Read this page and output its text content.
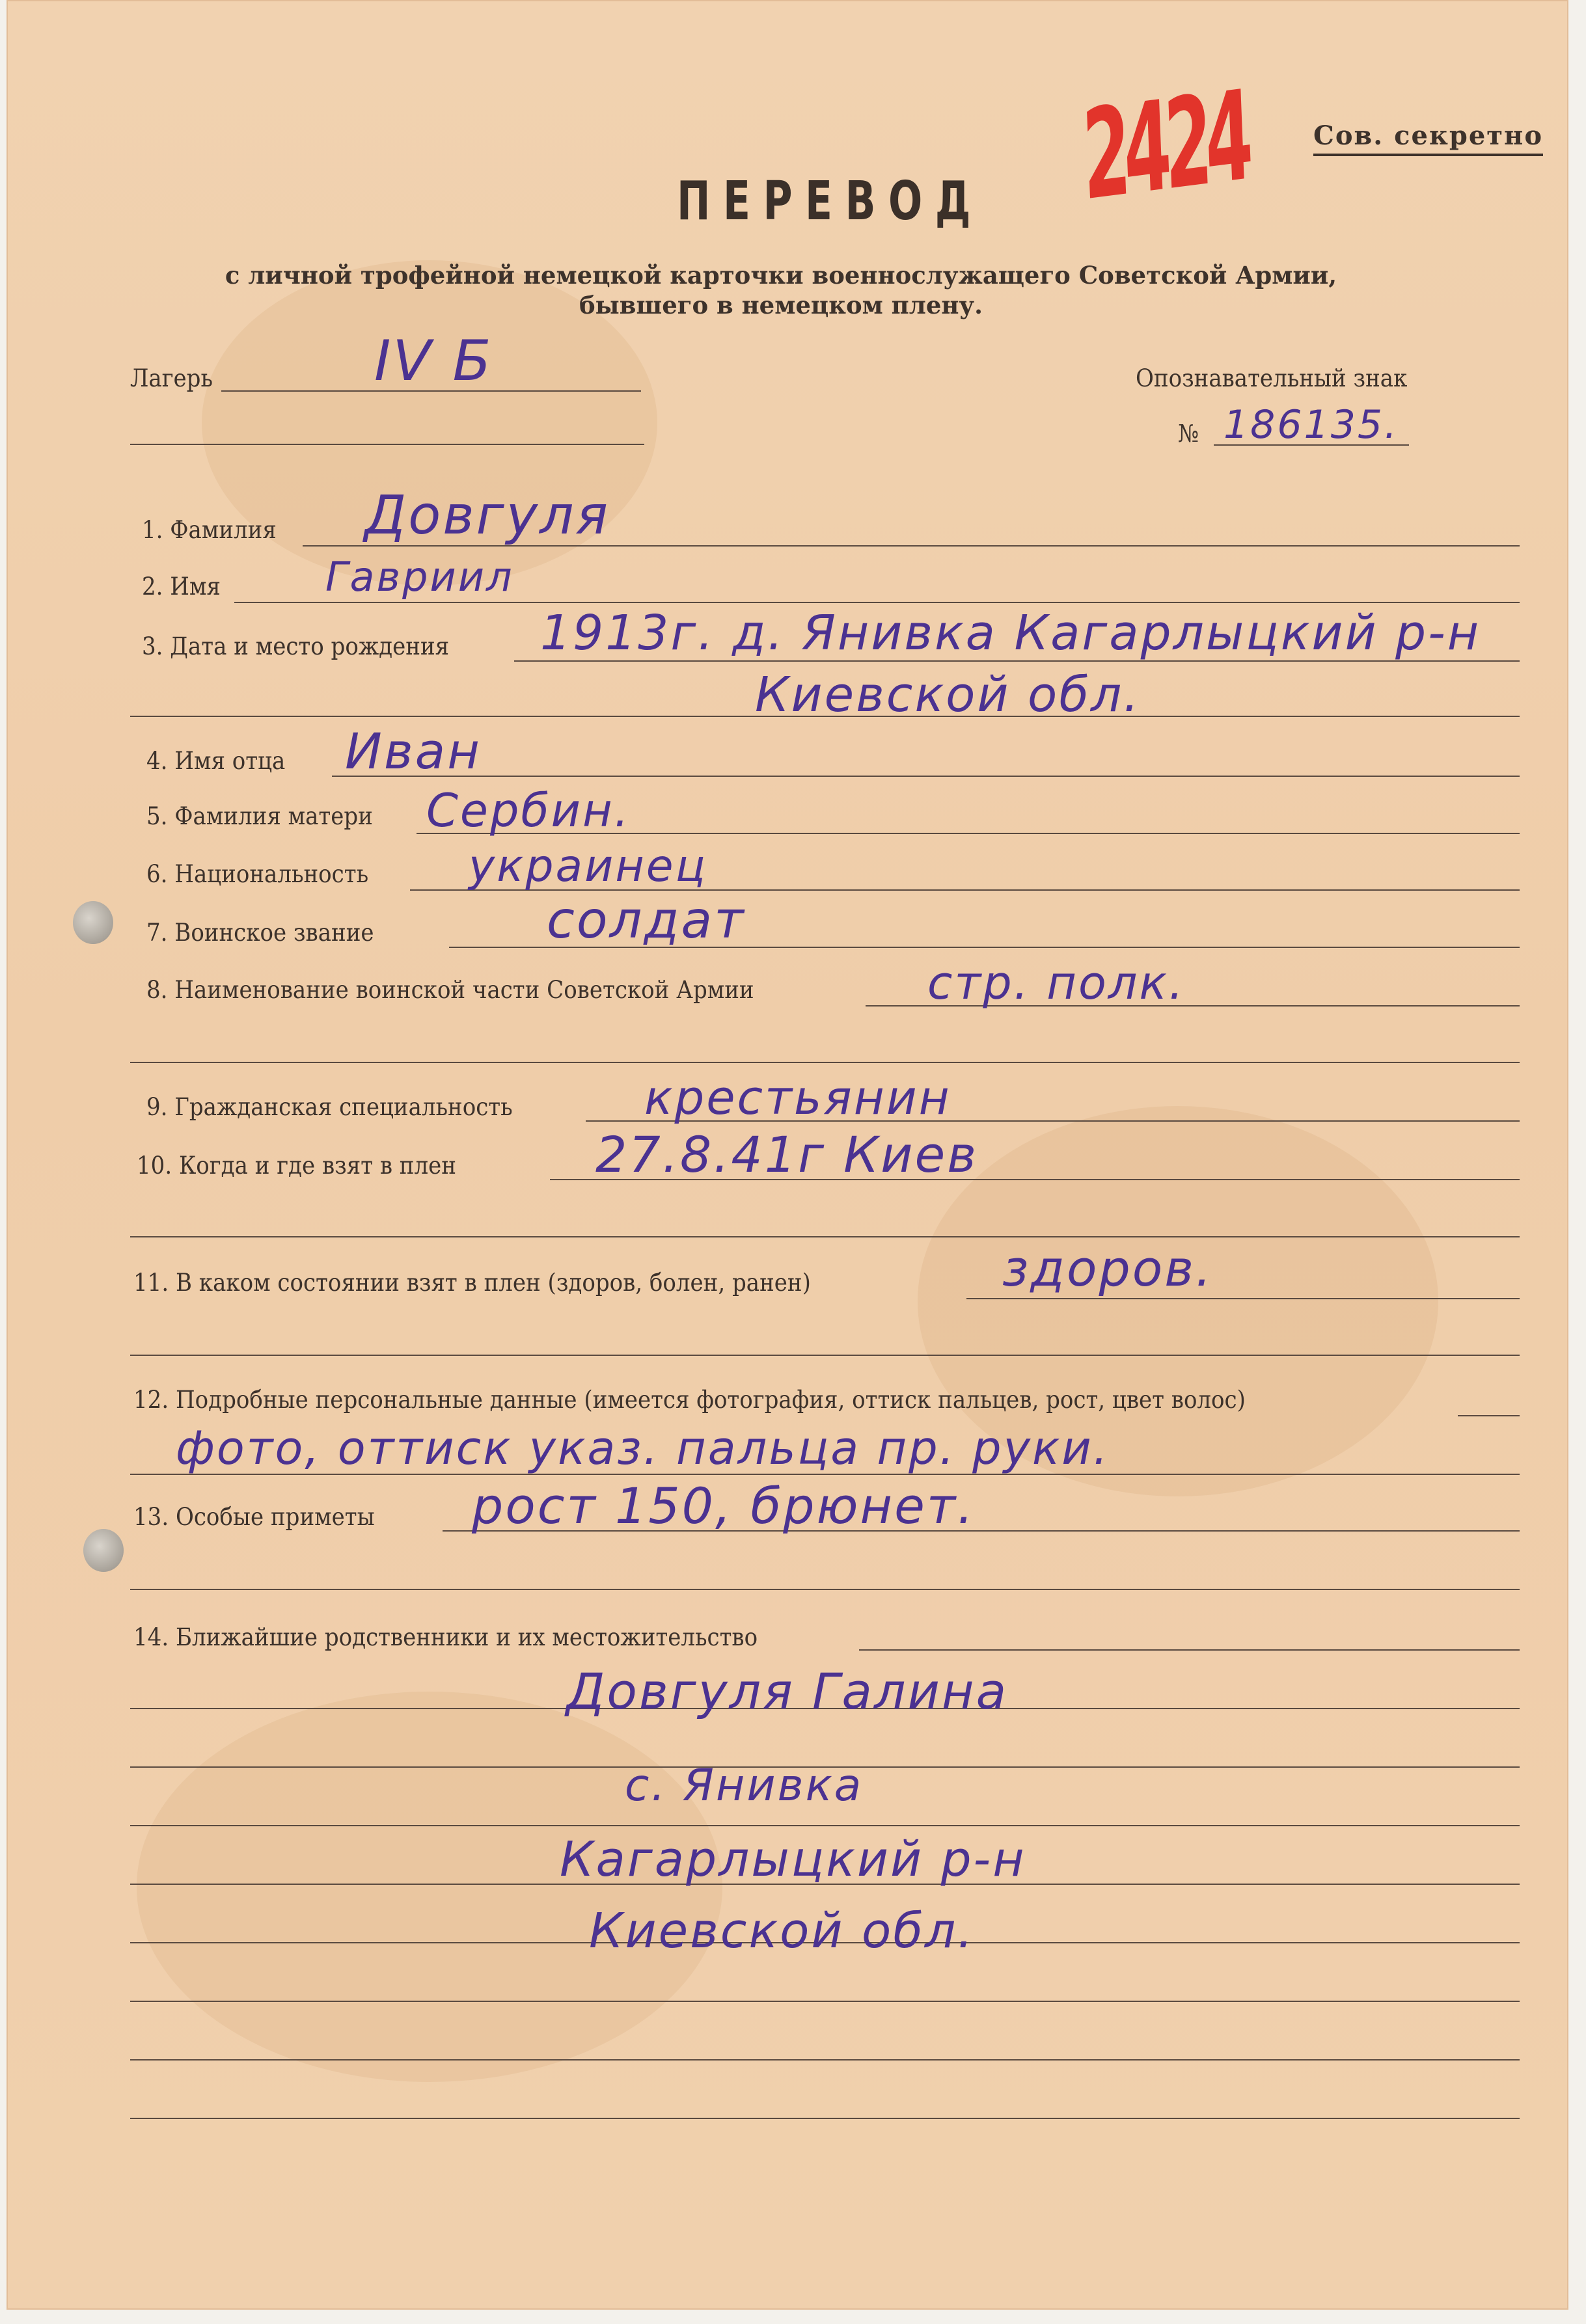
Сов. секретно
2424
ПЕРЕВОД
с личной трофейной немецкой карточки военнослужащего Советской Армии,
бывшего в немецком плену.
Лагерь	IV Б	Опознавательный знак
№ 186135.
1. Фамилия Довгуля
2. Имя	Гавриил
3. Дата и место рождения 1913г. д. Янивка Кагарлыцкий р-н
Киевской обл.
4. Имя отца Иван
5. Фамилия матери Сербин.
6. Национальность украинец
7. Воинское звание	солдат
8. Наименование воинской части Советской Армии	стр. полк.
9. Гражданская специальность	крестьянин
10. Когда и где взят в плен	27.8.41г Киев
11. В каком состоянии взят в плен (здоров, болен, ранен)	здоров.
12. Подробные персональные данные (имеется фотография, оттиск пальцев, рост, цвет волос)
фото, оттиск указ. пальца пр. руки.
13. Особые приметы рост 150, брюнет.
14. Ближайшие родственники и их местожительство
Довгуля Галина
с. Янивка
Кагарлыцкий р-н
Киевской обл.
